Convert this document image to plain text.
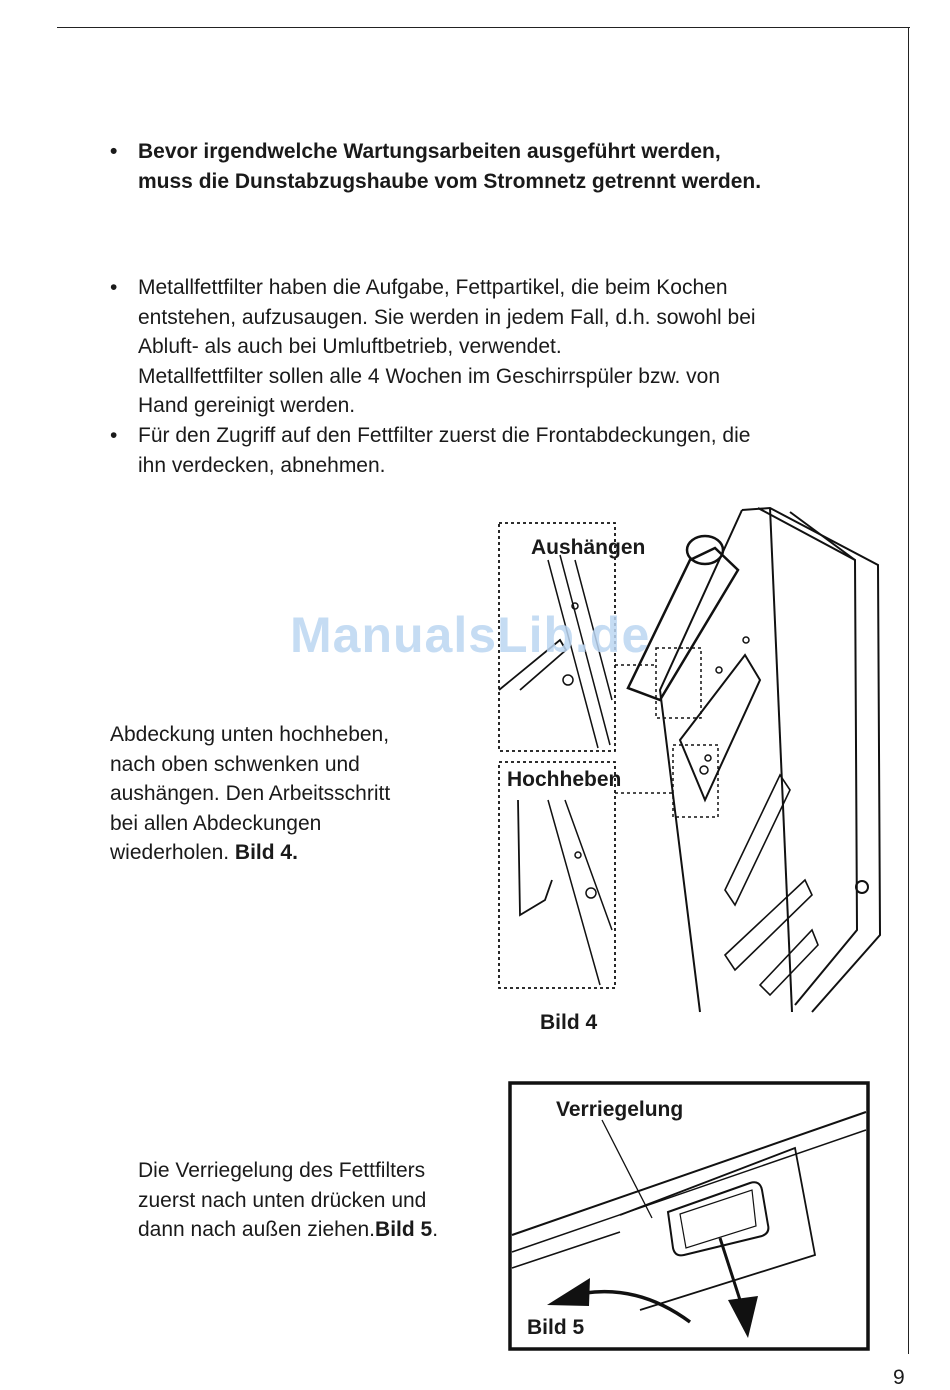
• Bevor irgendwelche Wartungsarbeiten ausgeführt werden,
muss die Dunstabzugshaube vom Stromnetz getrennt werden.
• Metallfettfilter haben die Aufgabe, Fettpartikel, die beim Kochen
entstehen, aufzusaugen. Sie werden in jedem Fall, d.h. sowohl bei
Abluft- als auch bei Umluftbetrieb, verwendet.
Metallfettfilter sollen alle 4 Wochen im Geschirrspüler bzw. von
Hand gereinigt werden.
• Für den Zugriff auf den Fettfilter zuerst die Frontabdeckungen, die
ihn verdecken, abnehmen.
Abdeckung unten hochheben,
nach oben schwenken und
aushängen. Den Arbeitsschritt
bei allen Abdeckungen
wiederholen. Bild 4.
Die Verriegelung des Fettfilters
zuerst nach unten drücken und
dann nach außen ziehen.Bild 5.
Aushängen
Hochheben
Bild 4
Verriegelung
Bild 5
ManualsLib.de
9
